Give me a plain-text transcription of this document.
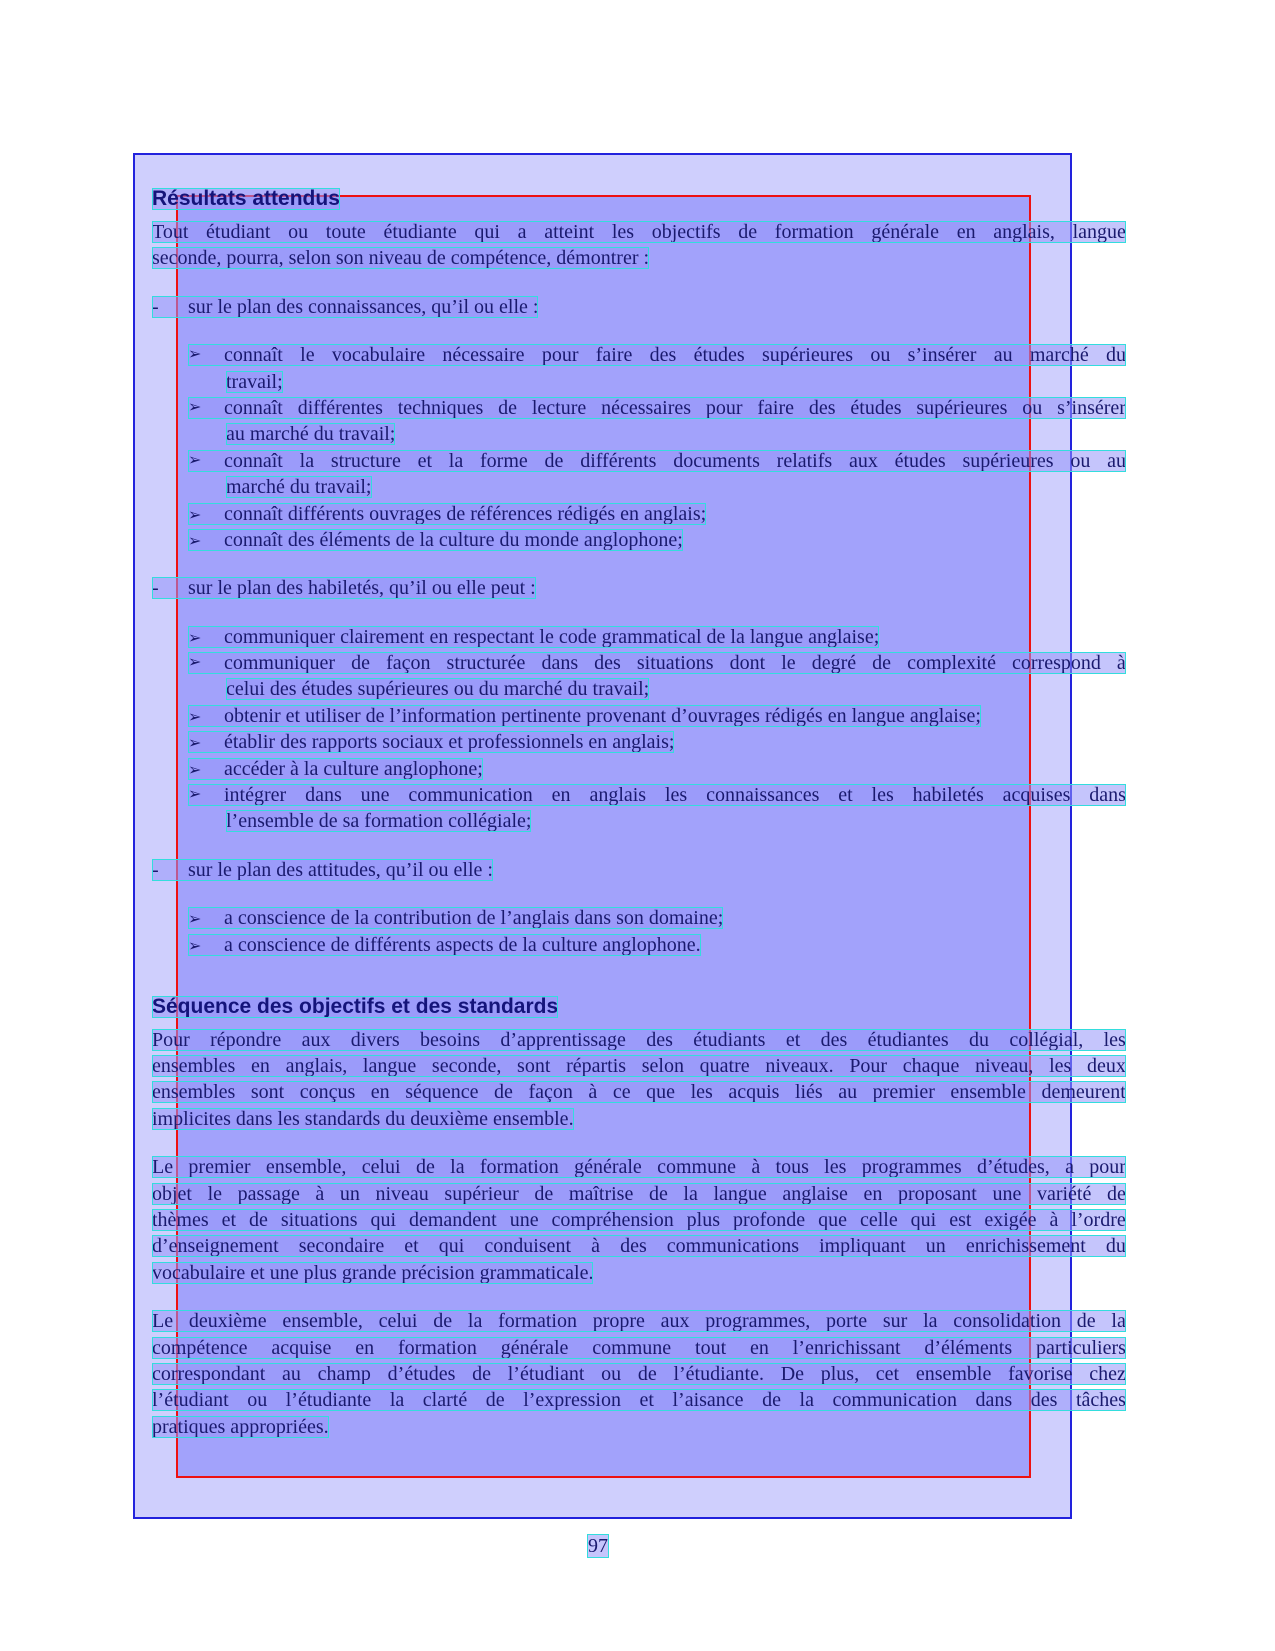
Résultats attendus
Tout étudiant ou toute étudiante qui a atteint les objectifs de formation générale en anglais, langue
seconde, pourra, selon son niveau de compétence, démontrer :
- sur le plan des connaissances, qu’il ou elle :
➢ connaît le vocabulaire nécessaire pour faire des études supérieures ou s’insérer au marché du
travail;
➢ connaît différentes techniques de lecture nécessaires pour faire des études supérieures ou s’insérer
au marché du travail;
➢ connaît la structure et la forme de différents documents relatifs aux études supérieures ou au
marché du travail;
➢ connaît différents ouvrages de références rédigés en anglais;
➢ connaît des éléments de la culture du monde anglophone;
- sur le plan des habiletés, qu’il ou elle peut :
➢ communiquer clairement en respectant le code grammatical de la langue anglaise;
➢ communiquer de façon structurée dans des situations dont le degré de complexité correspond à
celui des études supérieures ou du marché du travail;
➢ obtenir et utiliser de l’information pertinente provenant d’ouvrages rédigés en langue anglaise;
➢ établir des rapports sociaux et professionnels en anglais;
➢ accéder à la culture anglophone;
➢ intégrer dans une communication en anglais les connaissances et les habiletés acquises dans
l’ensemble de sa formation collégiale;
- sur le plan des attitudes, qu’il ou elle :
➢ a conscience de la contribution de l’anglais dans son domaine;
➢ a conscience de différents aspects de la culture anglophone.
Séquence des objectifs et des standards
Pour répondre aux divers besoins d’apprentissage des étudiants et des étudiantes du collégial, les
ensembles en anglais, langue seconde, sont répartis selon quatre niveaux. Pour chaque niveau, les deux
ensembles sont conçus en séquence de façon à ce que les acquis liés au premier ensemble demeurent
implicites dans les standards du deuxième ensemble.
Le premier ensemble, celui de la formation générale commune à tous les programmes d’études, a pour
objet le passage à un niveau supérieur de maîtrise de la langue anglaise en proposant une variété de
thèmes et de situations qui demandent une compréhension plus profonde que celle qui est exigée à l’ordre
d’enseignement secondaire et qui conduisent à des communications impliquant un enrichissement du
vocabulaire et une plus grande précision grammaticale.
Le deuxième ensemble, celui de la formation propre aux programmes, porte sur la consolidation de la
compétence acquise en formation générale commune tout en l’enrichissant d’éléments particuliers
correspondant au champ d’études de l’étudiant ou de l’étudiante. De plus, cet ensemble favorise chez
l’étudiant ou l’étudiante la clarté de l’expression et l’aisance de la communication dans des tâches
pratiques appropriées.
97
